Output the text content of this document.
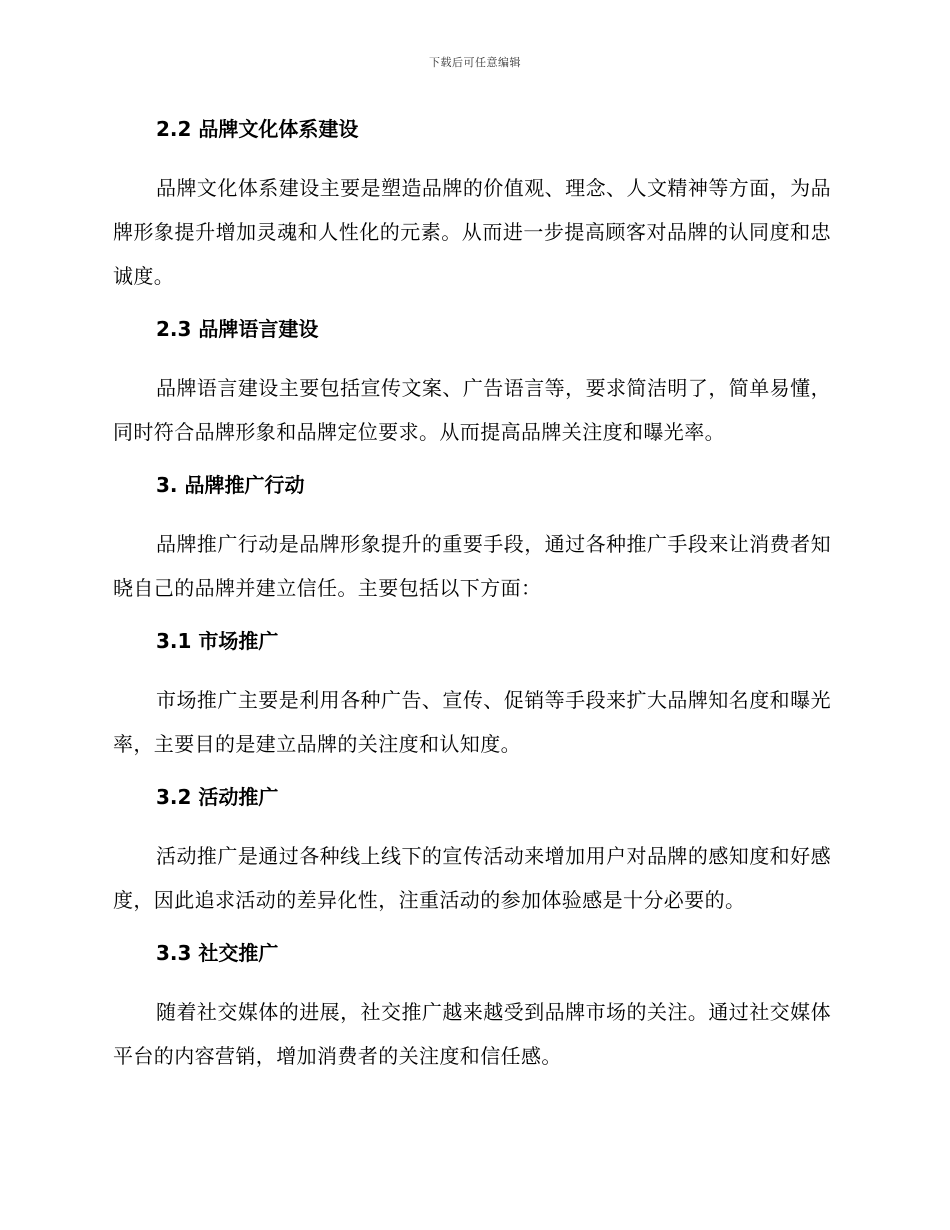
下载后可任意编辑
2.2 品牌文化体系建设

品牌文化体系建设主要是塑造品牌的价值观、理念、人文精神等方面，为品牌形象提升增加灵魂和人性化的元素。从而进一步提高顾客对品牌的认同度和忠诚度。

2.3 品牌语言建设

品牌语言建设主要包括宣传文案、广告语言等，要求简洁明了，简单易懂，同时符合品牌形象和品牌定位要求。从而提高品牌关注度和曝光率。

3. 品牌推广行动

品牌推广行动是品牌形象提升的重要手段，通过各种推广手段来让消费者知晓自己的品牌并建立信任。主要包括以下方面：

3.1 市场推广

市场推广主要是利用各种广告、宣传、促销等手段来扩大品牌知名度和曝光率，主要目的是建立品牌的关注度和认知度。

3.2 活动推广

活动推广是通过各种线上线下的宣传活动来增加用户对品牌的感知度和好感度，因此追求活动的差异化性，注重活动的参加体验感是十分必要的。

3.3 社交推广

随着社交媒体的进展，社交推广越来越受到品牌市场的关注。通过社交媒体平台的内容营销，增加消费者的关注度和信任感。
